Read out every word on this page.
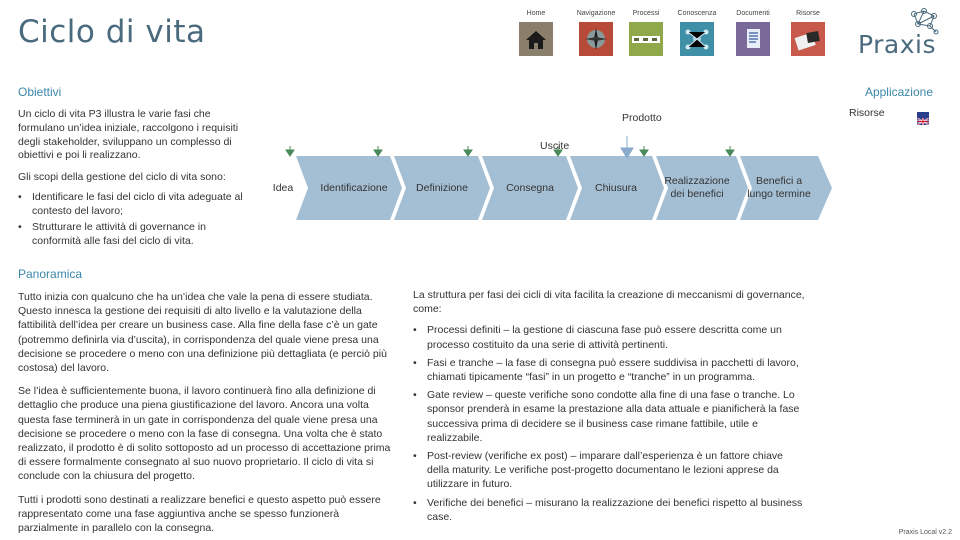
Ciclo di vita
Home	Navigazione	Processi	Conoscenza	Documenti	Risorse
Praxis
Obiettivi	Applicazione
Risorse

Un ciclo di vita P3 illustra le varie fasi che formulano un’idea iniziale, raccolgono i requisiti degli stakeholder, sviluppano un complesso di obiettivi e poi li realizzano.

Gli scopi della gestione del ciclo di vita sono:

• Identificare le fasi del ciclo di vita adeguate al contesto del lavoro;
• Strutturare le attività di governance in conformità alle fasi del ciclo di vita.
Prodotto
Uscite
Idea	Identificazione	Definizione	Consegna	Chiusura
Realizzazione dei benefici
Benefici a lungo termine
Panoramica

Tutto inizia con qualcuno che ha un’idea che vale la pena di essere studiata. Questo innesca la gestione dei requisiti di alto livello e la valutazione della fattibilità dell’idea per creare un business case. Alla fine della fase c’è un gate (potremmo definirla via d’uscita), in corrispondenza del quale viene presa una decisione se procedere o meno con una definizione più dettagliata (e perciò più costosa) del lavoro.

Se l’idea è sufficientemente buona, il lavoro continuerà fino alla definizione di dettaglio che produce una piena giustificazione del lavoro. Ancora una volta questa fase terminerà in un gate in corrispondenza del quale viene presa una decisione se procedere o meno con la fase di consegna. Una volta che è stato realizzato, il prodotto è di solito sottoposto ad un processo di accettazione prima di essere formalmente consegnato al suo nuovo proprietario. Il ciclo di vita si conclude con la chiusura del progetto.

Tutti i prodotti sono destinati a realizzare benefici e questo aspetto può essere rappresentato come una fase aggiuntiva anche se spesso funzionerà parzialmente in parallelo con la consegna.

La struttura per fasi dei cicli di vita facilita la creazione di meccanismi di governance, come:

• Processi definiti – la gestione di ciascuna fase può essere descritta come un processo costituito da una serie di attività pertinenti.
• Fasi e tranche – la fase di consegna può essere suddivisa in pacchetti di lavoro, chiamati tipicamente “fasi” in un progetto e “tranche” in un programma.
• Gate review – queste verifiche sono condotte alla fine di una fase o tranche. Lo sponsor prenderà in esame la prestazione alla data attuale e pianificherà la fase successiva prima di decidere se il business case rimane fattibile, utile e realizzabile.
• Post-review (verifiche ex post) – imparare dall’esperienza è un fattore chiave della maturity. Le verifiche post-progetto documentano le lezioni apprese da utilizzare in futuro.
• Verifiche dei benefici – misurano la realizzazione dei benefici rispetto al business case.
Praxis Local v2.2
